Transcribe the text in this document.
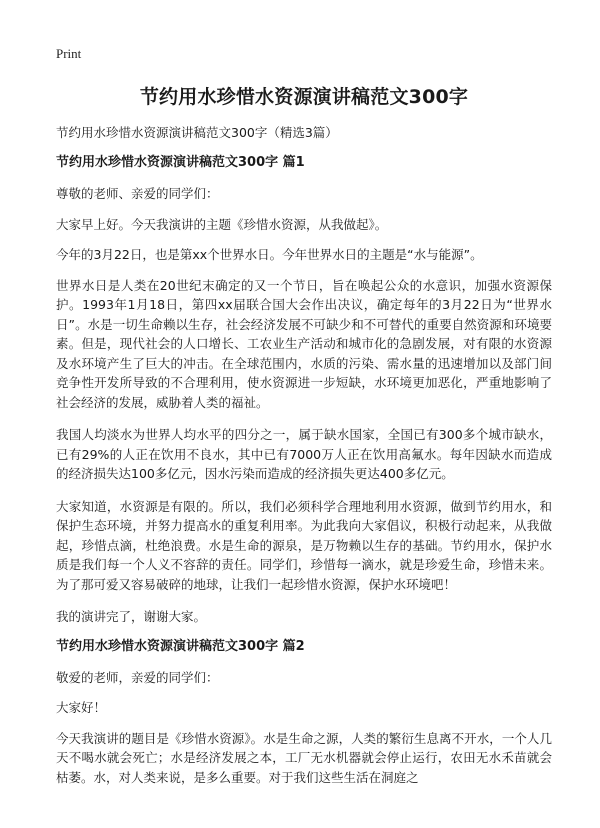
Print
节约用水珍惜水资源演讲稿范文300字
节约用水珍惜水资源演讲稿范文300字（精选3篇）
节约用水珍惜水资源演讲稿范文300字 篇1

尊敬的老师、亲爱的同学们：

大家早上好。今天我演讲的主题《珍惜水资源，从我做起》。

今年的3月22日，也是第xx个世界水日。今年世界水日的主题是“水与能源”。

世界水日是人类在20世纪末确定的又一个节日，旨在唤起公众的水意识，加强水资源保护。1993年1月18日，第四xx届联合国大会作出决议，确定每年的3月22日为“世界水日”。水是一切生命赖以生存，社会经济发展不可缺少和不可替代的重要自然资源和环境要素。但是，现代社会的人口增长、工农业生产活动和城市化的急剧发展，对有限的水资源及水环境产生了巨大的冲击。在全球范围内，水质的污染、需水量的迅速增加以及部门间竞争性开发所导致的不合理利用，使水资源进一步短缺，水环境更加恶化，严重地影响了社会经济的发展，威胁着人类的福祉。

我国人均淡水为世界人均水平的四分之一，属于缺水国家，全国已有300多个城市缺水，已有29%的人正在饮用不良水，其中已有7000万人正在饮用高氟水。每年因缺水而造成的经济损失达100多亿元，因水污染而造成的经济损失更达400多亿元。

大家知道，水资源是有限的。所以，我们必须科学合理地利用水资源，做到节约用水，和保护生态环境，并努力提高水的重复利用率。为此我向大家倡议，积极行动起来，从我做起，珍惜点滴，杜绝浪费。水是生命的源泉，是万物赖以生存的基础。节约用水，保护水质是我们每一个人义不容辞的责任。同学们，珍惜每一滴水，就是珍爱生命，珍惜未来。为了那可爱又容易破碎的地球，让我们一起珍惜水资源，保护水环境吧！

我的演讲完了，谢谢大家。

节约用水珍惜水资源演讲稿范文300字 篇2

敬爱的老师，亲爱的同学们：

大家好！

今天我演讲的题目是《珍惜水资源》。水是生命之源，人类的繁衍生息离不开水，一个人几天不喝水就会死亡；水是经济发展之本，工厂无水机器就会停止运行，农田无水禾苗就会枯萎。水，对人类来说，是多么重要。对于我们这些生活在洞庭之
